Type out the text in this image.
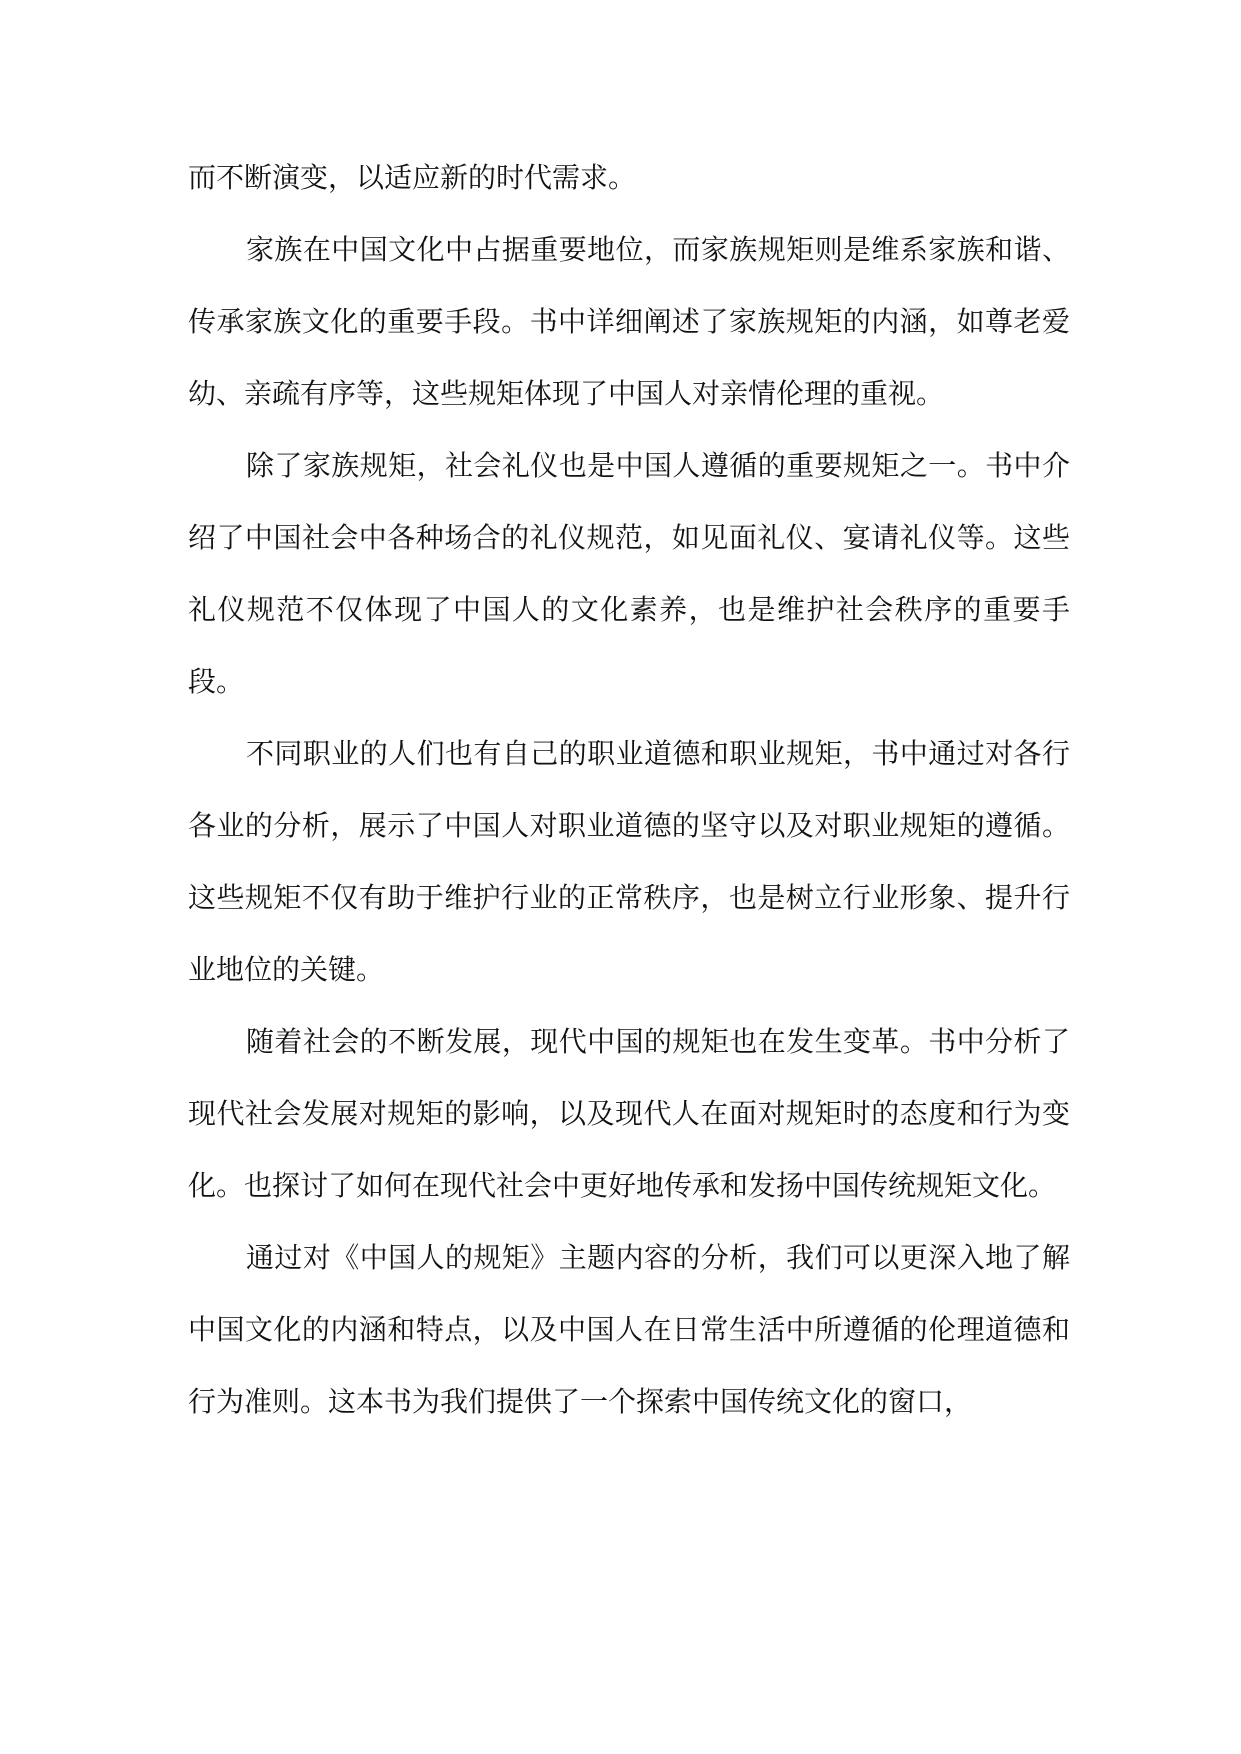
而不断演变，以适应新的时代需求。

家族在中国文化中占据重要地位，而家族规矩则是维系家族和谐、传承家族文化的重要手段。书中详细阐述了家族规矩的内涵，如尊老爱幼、亲疏有序等，这些规矩体现了中国人对亲情伦理的重视。

除了家族规矩，社会礼仪也是中国人遵循的重要规矩之一。书中介绍了中国社会中各种场合的礼仪规范，如见面礼仪、宴请礼仪等。这些礼仪规范不仅体现了中国人的文化素养，也是维护社会秩序的重要手段。

不同职业的人们也有自己的职业道德和职业规矩，书中通过对各行各业的分析，展示了中国人对职业道德的坚守以及对职业规矩的遵循。这些规矩不仅有助于维护行业的正常秩序，也是树立行业形象、提升行业地位的关键。

随着社会的不断发展，现代中国的规矩也在发生变革。书中分析了现代社会发展对规矩的影响，以及现代人在面对规矩时的态度和行为变化。也探讨了如何在现代社会中更好地传承和发扬中国传统规矩文化。

通过对《中国人的规矩》主题内容的分析，我们可以更深入地了解中国文化的内涵和特点，以及中国人在日常生活中所遵循的伦理道德和行为准则。这本书为我们提供了一个探索中国传统文化的窗口，
